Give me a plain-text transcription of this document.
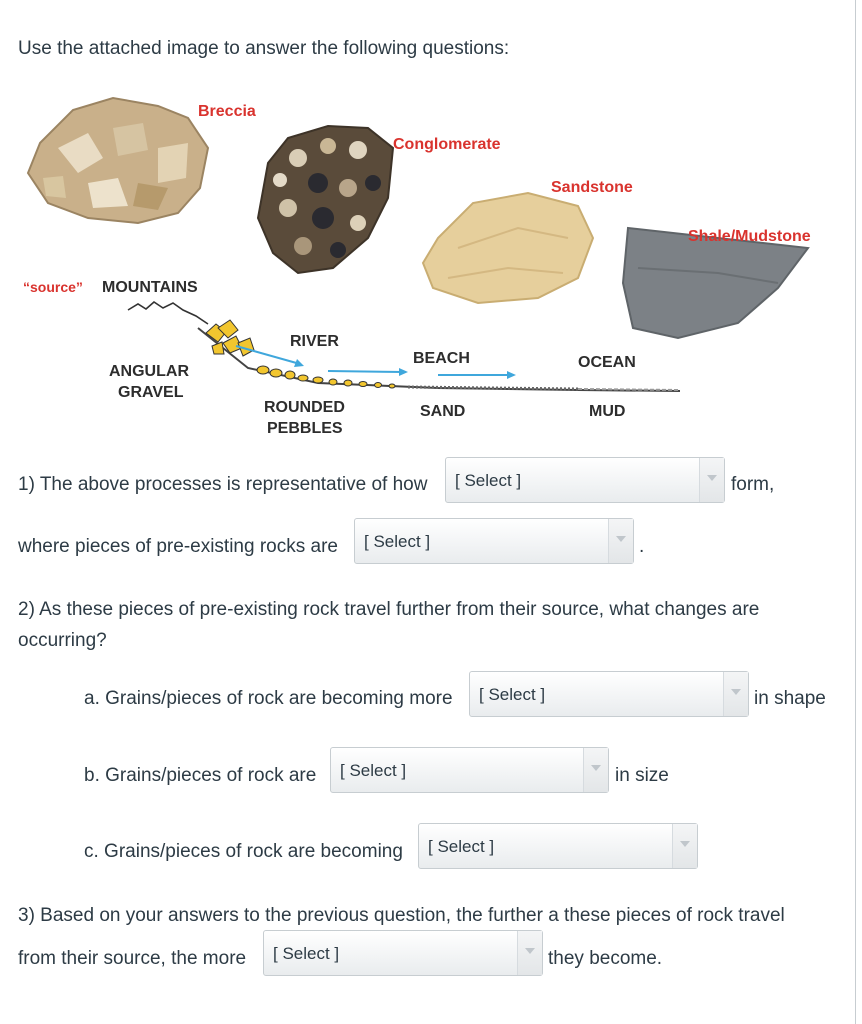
Use the attached image to answer the following questions:
Breccia
Conglomerate
Sandstone
Shale/Mudstone
“source” MOUNTAINS
ANGULAR
GRAVEL
RIVER
ROUNDED
PEBBLES
BEACH
SAND
OCEAN
MUD
1) The above processes is representative of how [ Select ]	form,
where pieces of pre-existing rocks are [ Select ]	.
2) As these pieces of pre-existing rock travel further from their source, what changes are
occurring?
a. Grains/pieces of rock are becoming more [ Select ]	in shape
b. Grains/pieces of rock are [ Select ]	in size
c. Grains/pieces of rock are becoming [ Select ]
3) Based on your answers to the previous question, the further a these pieces of rock travel
from their source, the more [ Select ]	they become.
